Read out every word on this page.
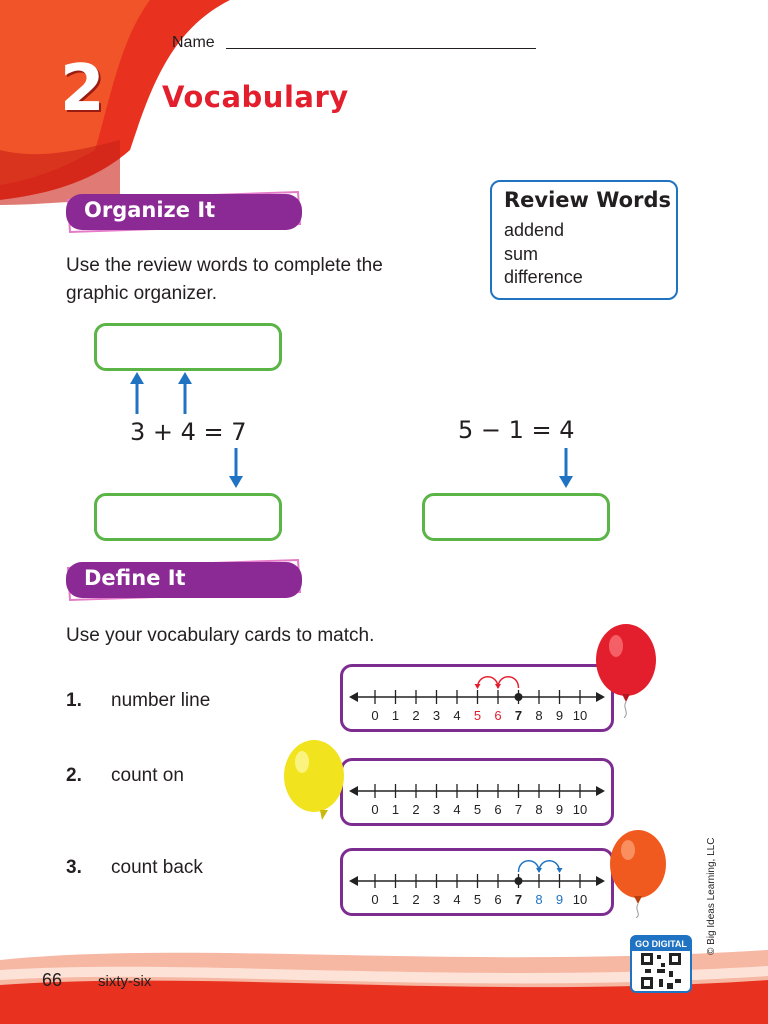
Name
2 Vocabulary
Organize It
Use the review words to complete the
graphic organizer.
Review Words
addend
sum
difference
3 + 4 = 7	5 − 1 = 4
Define It
Use your vocabulary cards to match.
1. number line
2. count on
3. count back
0 1 2 3 4 5 6 7 8 9 10
0 1 2 3 4 5 6 7 8 9 10
0 1 2 3 4 5 6 7 8 9 10
66 sixty-six
© Big Ideas Learning, LLC
GO DIGITAL
